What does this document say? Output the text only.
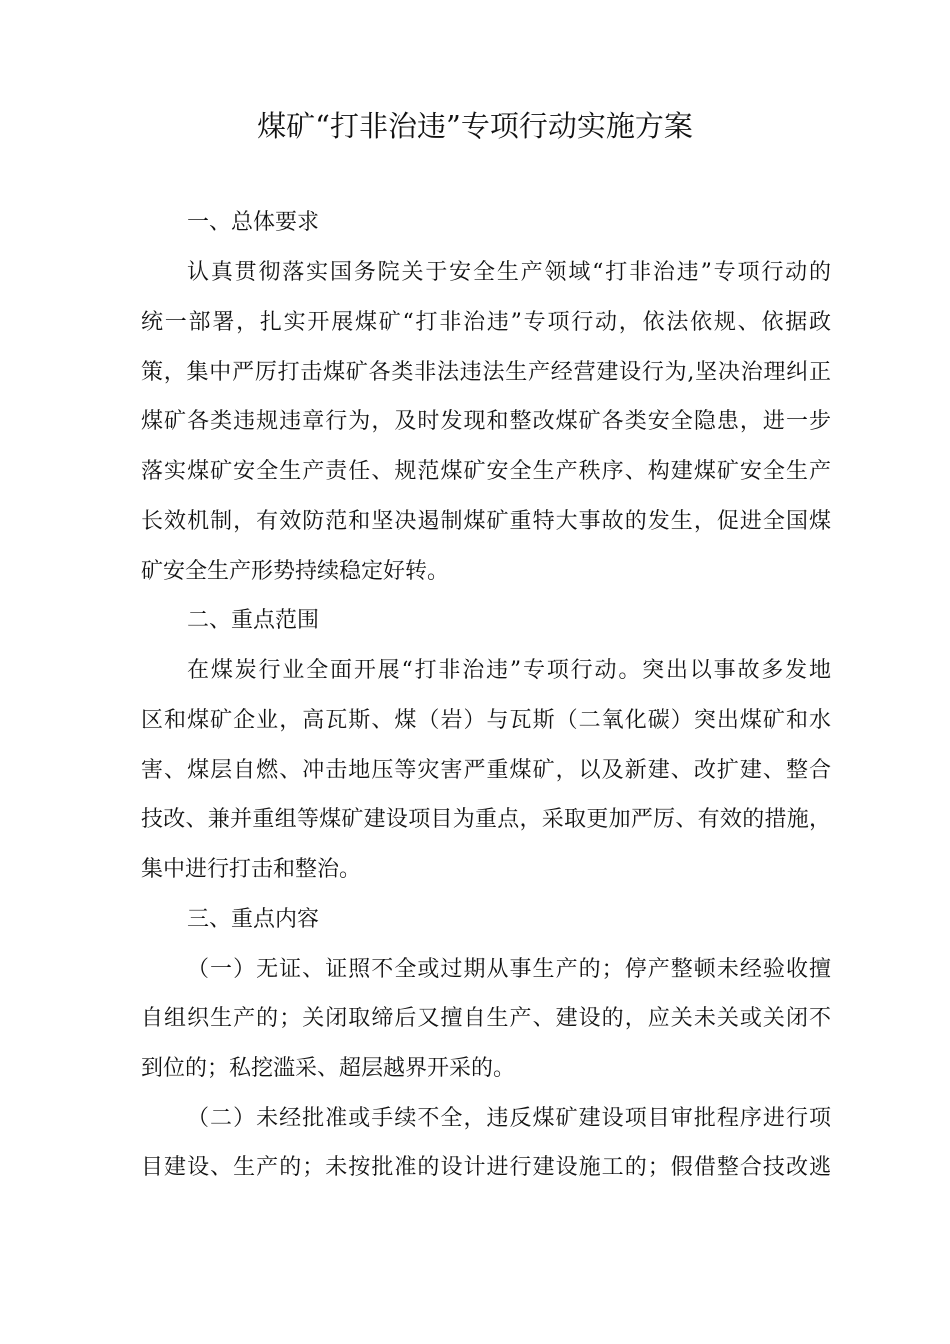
煤矿“打非治违”专项行动实施方案
一、总体要求
认真贯彻落实国务院关于安全生产领域“打非治违”专项行动的
统一部署，扎实开展煤矿“打非治违”专项行动，依法依规、依据政
策，集中严厉打击煤矿各类非法违法生产经营建设行为,坚决治理纠正
煤矿各类违规违章行为，及时发现和整改煤矿各类安全隐患，进一步
落实煤矿安全生产责任、规范煤矿安全生产秩序、构建煤矿安全生产
长效机制，有效防范和坚决遏制煤矿重特大事故的发生，促进全国煤
矿安全生产形势持续稳定好转。
二、重点范围
在煤炭行业全面开展“打非治违”专项行动。突出以事故多发地
区和煤矿企业，高瓦斯、煤（岩）与瓦斯（二氧化碳）突出煤矿和水
害、煤层自燃、冲击地压等灾害严重煤矿，以及新建、改扩建、整合
技改、兼并重组等煤矿建设项目为重点，采取更加严厉、有效的措施，
集中进行打击和整治。
三、重点内容
（一）无证、证照不全或过期从事生产的；停产整顿未经验收擅
自组织生产的；关闭取缔后又擅自生产、建设的，应关未关或关闭不
到位的；私挖滥采、超层越界开采的。
（二）未经批准或手续不全，违反煤矿建设项目审批程序进行项
目建设、生产的；未按批准的设计进行建设施工的；假借整合技改逃
